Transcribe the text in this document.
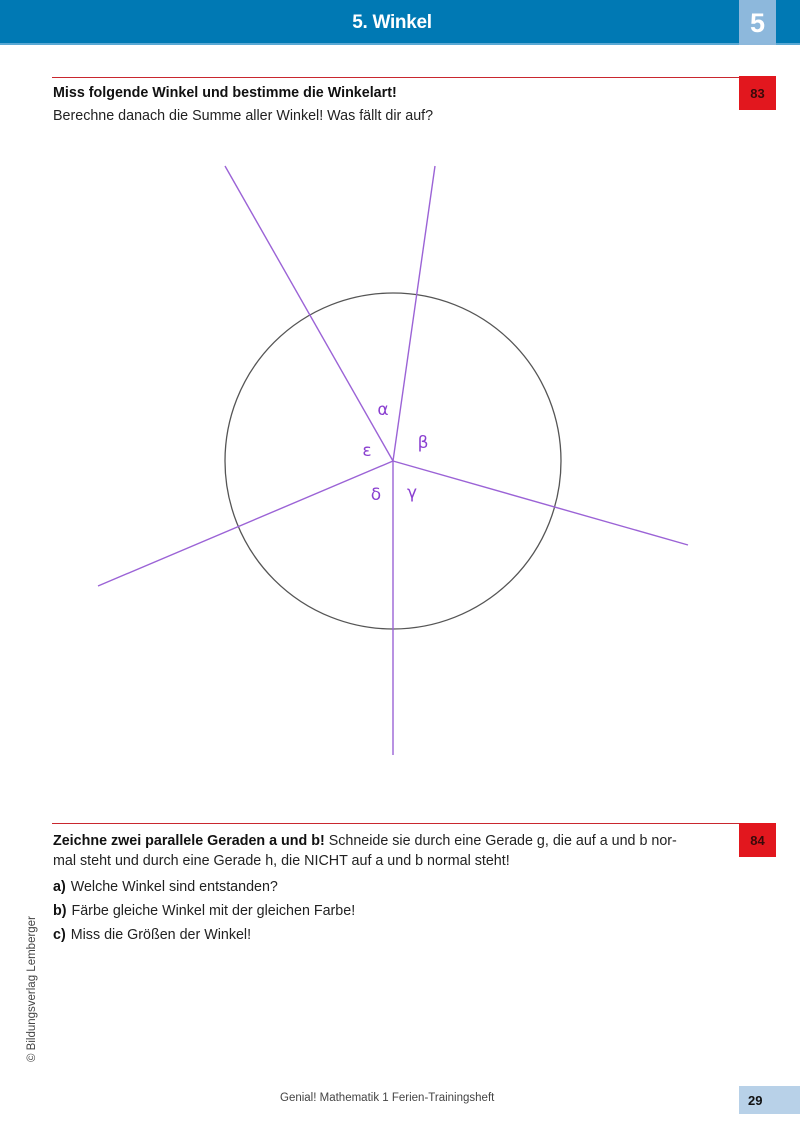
5. Winkel	5
83
Miss folgende Winkel und bestimme die Winkelart!
Berechne danach die Summe aller Winkel! Was fällt dir auf?
α
β
γ
δ
ε
84
Zeichne zwei parallele Geraden a und b! Schneide sie durch eine Gerade g, die auf a und b nor-
mal steht und durch eine Gerade h, die NICHT auf a und b normal steht!
a) Welche Winkel sind entstanden?
b) Färbe gleiche Winkel mit der gleichen Farbe!
c) Miss die Größen der Winkel!
© Bildungsverlag Lemberger
Genial! Mathematik 1 Ferien-Trainingsheft	29
